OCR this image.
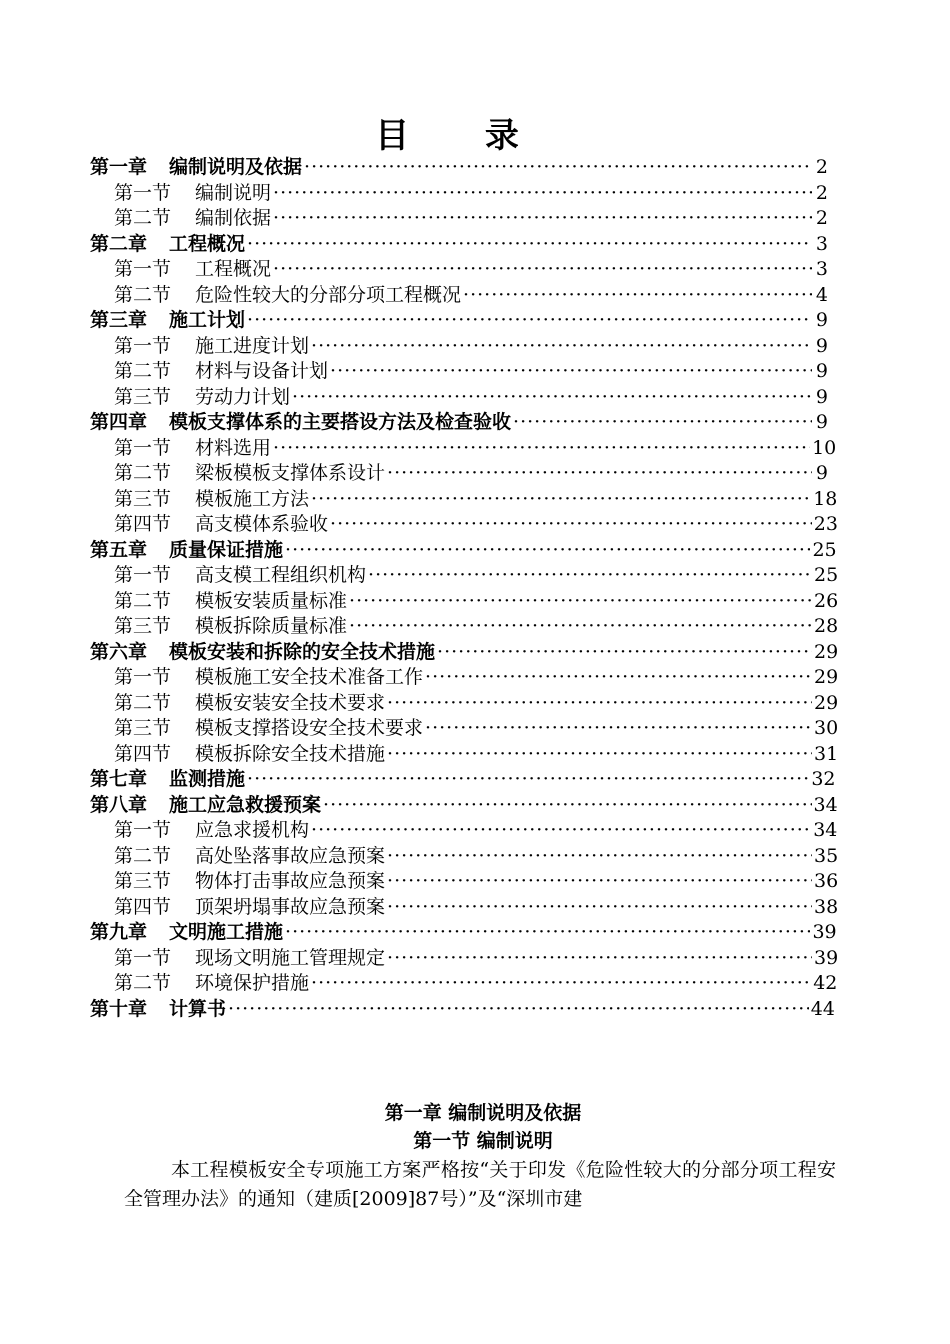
目 录
第一章 编制说明及依据 ·····	2
第一节 编制说明 ·····	2
第二节 编制依据 ·····	2
第二章 工程概况 ·····	3
第一节 工程概况 ·····	3
第二节 危险性较大的分部分项工程概况 ·····	4
第三章 施工计划 ·····	9
第一节 施工进度计划 ·····	9
第二节 材料与设备计划 ·····	9
第三节 劳动力计划 ·····	9
第四章 模板支撑体系的主要搭设方法及检查验收 ·····	9
第一节 材料选用 ·····	10
第二节 梁板模板支撑体系设计 ·····	9
第三节 模板施工方法 ·····	18
第四节 高支模体系验收 ·····	23
第五章 质量保证措施 ·····	25
第一节 高支模工程组织机构 ·····	25
第二节 模板安装质量标准 ·····	26
第三节 模板拆除质量标准 ·····	28
第六章 模板安装和拆除的安全技术措施 ·····	29
第一节 模板施工安全技术准备工作 ·····	29
第二节 模板安装安全技术要求 ·····	29
第三节 模板支撑搭设安全技术要求 ·····	30
第四节 模板拆除安全技术措施 ·····	31
第七章 监测措施 ·····	32
第八章 施工应急救援预案 ·····	34
第一节 应急求援机构 ·····	34
第二节 高处坠落事故应急预案 ·····	35
第三节 物体打击事故应急预案 ·····	36
第四节 顶架坍塌事故应急预案 ·····	38
第九章 文明施工措施 ·····	39
第一节 现场文明施工管理规定 ·····	39
第二节 环境保护措施 ·····	42
第十章 计算书 ·····	44
第一章 编制说明及依据
第一节 编制说明
本工程模板安全专项施工方案严格按“关于印发《危险性较大的分部分项工程安全管理办法》的通知（建质[2009]87号）”及“深圳市建
